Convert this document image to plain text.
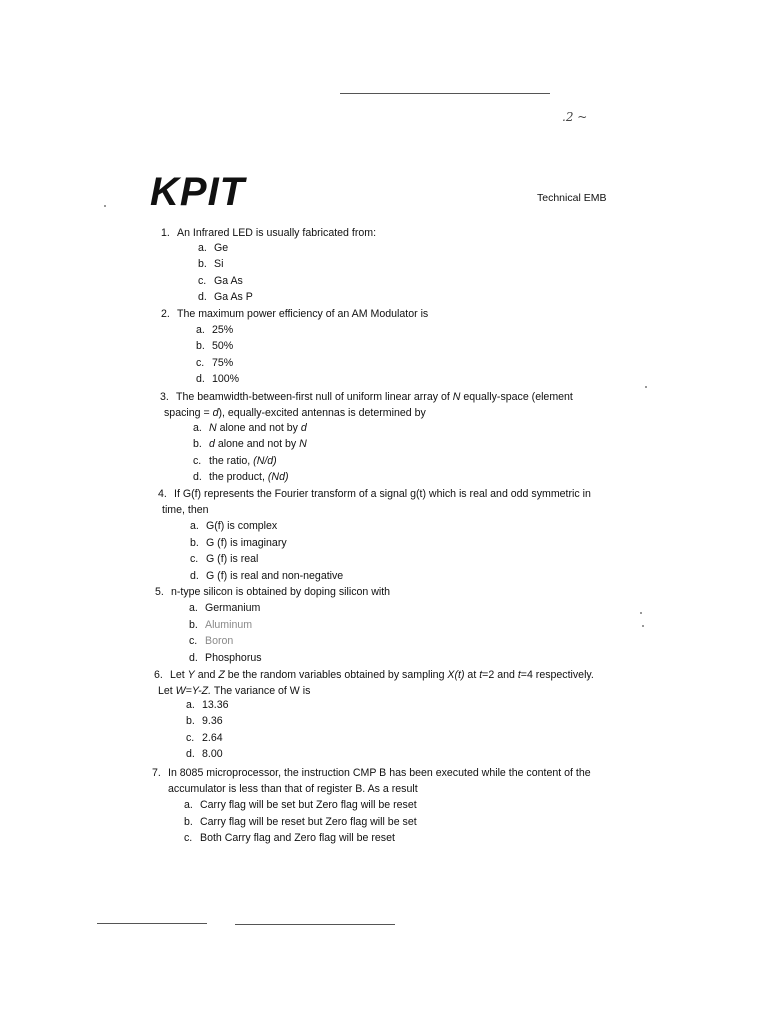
.2 ~
KPIT	Technical EMB
1. An Infrared LED is usually fabricated from:
a. Ge
b. Si
c. Ga As
d. Ga As P
2. The maximum power efficiency of an AM Modulator is
a. 25%
b. 50%
c. 75%
d. 100%
3. The beamwidth-between-first null of uniform linear array of N equally-space (element
spacing = d), equally-excited antennas is determined by
a. N alone and not by d
b. d alone and not by N
c. the ratio, (N/d)
d. the product, (Nd)
4. If G(f) represents the Fourier transform of a signal g(t) which is real and odd symmetric in
time, then
a. G(f) is complex
b. G (f) is imaginary
c. G (f) is real
d. G (f) is real and non-negative
5. n-type silicon is obtained by doping silicon with
a. Germanium
b. Aluminum
c. Boron
d. Phosphorus
6. Let Y and Z be the random variables obtained by sampling X(t) at t=2 and t=4 respectively.
Let W=Y-Z. The variance of W is
a. 13.36
b. 9.36
c. 2.64
d. 8.00
7. In 8085 microprocessor, the instruction CMP B has been executed while the content of the
accumulator is less than that of register B. As a result
a. Carry flag will be set but Zero flag will be reset
b. Carry flag will be reset but Zero flag will be set
c. Both Carry flag and Zero flag will be reset
